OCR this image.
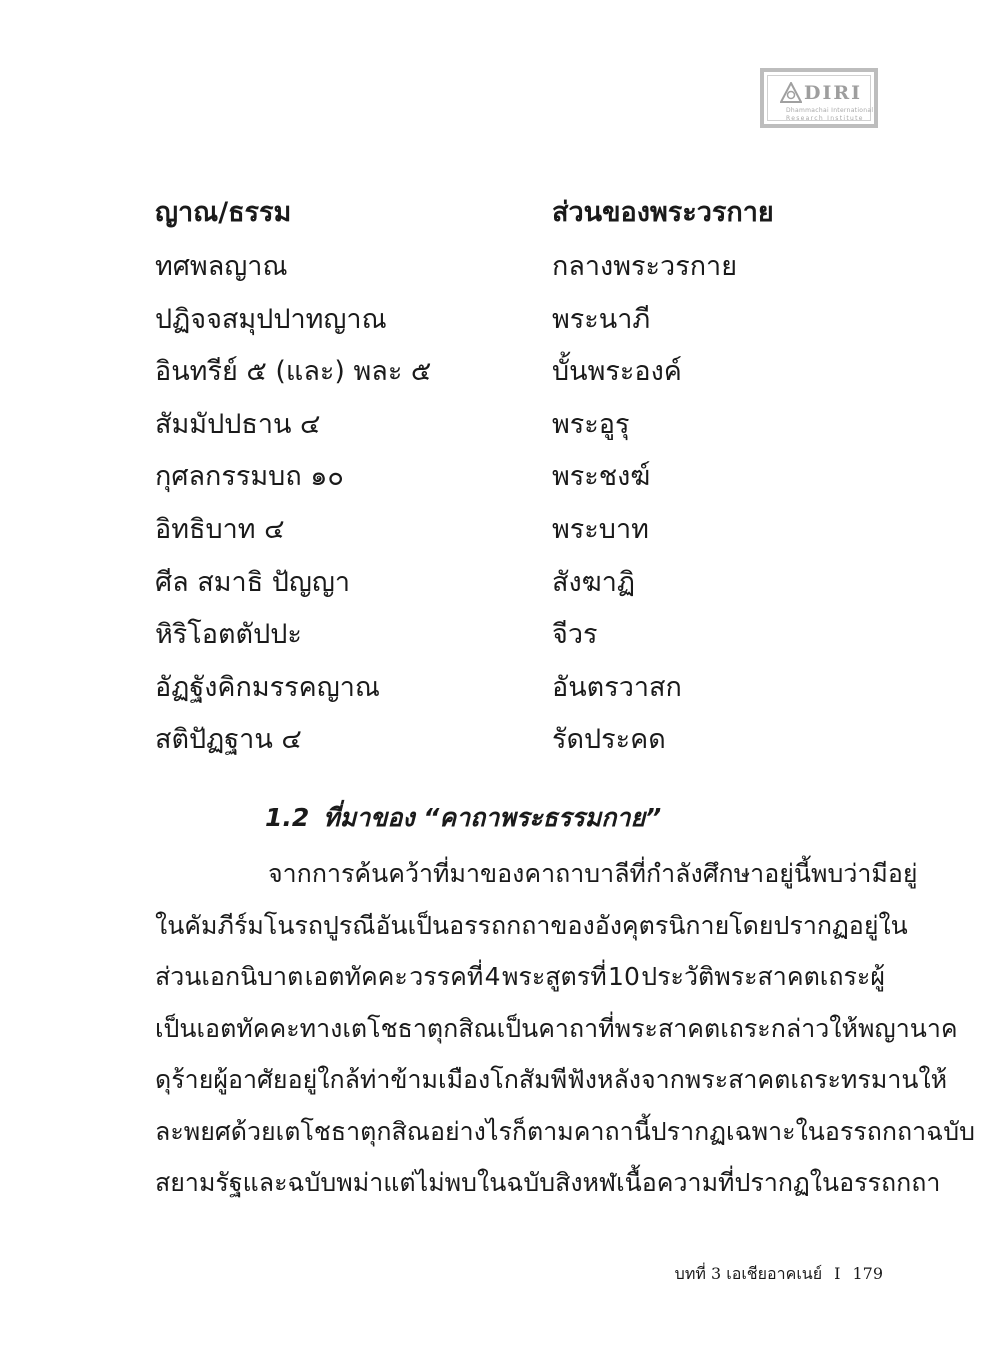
DIRI
Dhammachai International
Research Institute
ญาณ/ธรรม	ส่วนของพระวรกาย
ทศพลญาณ	กลางพระวรกาย
ปฏิจจสมุปปาทญาณ	พระนาภี
อินทรีย์ ๕ (และ) พละ ๕	บั้นพระองค์
สัมมัปปธาน ๔	พระอูรุ
กุศลกรรมบถ ๑๐	พระชงฆ์
อิทธิบาท ๔	พระบาท
ศีล สมาธิ ปัญญา	สังฆาฏิ
หิริโอตตัปปะ	จีวร
อัฏฐังคิกมรรคญาณ	อันตรวาสก
สติปัฏฐาน ๔	รัดประคด
1.2 ที่มาของ “คาถาพระธรรมกาย”
จากการค้นคว้าที่มาของคาถาบาลีที่กำลังศึกษาอยู่นี้ พบว่ามีอยู่
ในคัมภีร์มโนรถปูรณี อันเป็นอรรถกถาของอังคุตรนิกาย โดยปรากฏอยู่ใน
ส่วนเอกนิบาต เอตทัคคะ วรรคที่ 4 พระสูตรที่ 10 ประวัติพระสาคตเถระผู้
เป็นเอตทัคคะทางเตโชธาตุกสิณ เป็นคาถาที่พระสาคตเถระกล่าวให้พญานาค
ดุร้ายผู้อาศัยอยู่ใกล้ท่าข้ามเมืองโกสัมพีฟัง หลังจากพระสาคตเถระทรมานให้
ละพยศด้วยเตโชธาตุกสิณ อย่างไรก็ตามคาถานี้ปรากฏเฉพาะในอรรถกถาฉบับ
สยามรัฐและฉบับพม่าแต่ไม่พบในฉบับสิงหฬ เนื้อความที่ปรากฏในอรรถกถา
บทที่ 3 เอเชียอาคเนย์ I 179
